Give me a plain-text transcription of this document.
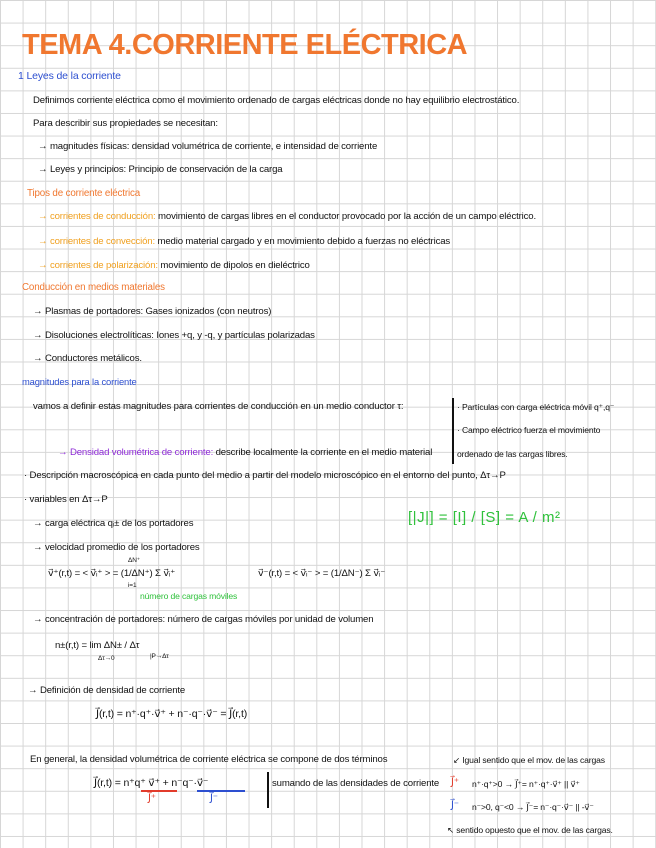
TEMA 4.CORRIENTE ELÉCTRICA
1 Leyes de la corriente
Definimos corriente eléctrica como el movimiento ordenado de cargas eléctricas donde no hay equilibrio electrostático.
Para describir sus propiedades se necesitan:
→ magnitudes físicas: densidad volumétrica de corriente, e intensidad de corriente
→ Leyes y principios: Principio de conservación de la carga
Tipos de corriente eléctrica
→ corrientes de conducción: movimiento de cargas libres en el conductor provocado por la acción de un campo eléctrico.
→ corrientes de convección: medio material cargado y en movimiento debido a fuerzas no eléctricas
→ corrientes de polarización: movimiento de dipolos en dieléctrico
Conducción en medios materiales
→ Plasmas de portadores: Gases ionizados (con neutros)
→ Disoluciones electrolíticas: Iones +q, y -q, y partículas polarizadas
→ Conductores metálicos.
magnitudes para la corriente
vamos a definir estas magnitudes para corrientes de conducción en un medio conductor τ:	· Partículas con carga eléctrica móvil q⁺,q⁻
· Campo eléctrico fuerza el movimiento
ordenado de las cargas libres.
→ Densidad volumétrica de corriente: describe localmente la corriente en el medio material
· Descripción macroscópica en cada punto del medio a partir del modelo microscópico en el entorno del punto, Δτ→P
· variables en Δτ→P
→ carga eléctrica qᵢ± de los portadores	[|J|] = [I] / [S] = A / m²
→ velocidad promedio de los portadores
v⃗⁺(r,t) = < v⃗ᵢ⁺ > = (1/ΔN⁺) Σ v⃗ᵢ⁺
ΔN⁺
i=1
v⃗⁻(r,t) = < v⃗ᵢ⁻ > = (1/ΔN⁻) Σ v⃗ᵢ⁻
número de cargas móviles
→ concentración de portadores: número de cargas móviles por unidad de volumen
n±(r,t) = lim ΔN± / Δτ
Δτ→0	|P→Δτ
→ Definición de densidad de corriente
J⃗(r,t) = n⁺·q⁺·v⃗⁺ + n⁻·q⁻·v⃗⁻ = J⃗(r,t)
En general, la densidad volumétrica de corriente eléctrica se compone de dos términos
J⃗(r,t) = n⁺q⁺ v⃗⁺ + n⁻q⁻·v⃗⁻
J⃗⁺	J⃗⁻
sumando de las densidades de corriente
↙ Igual sentido que el mov. de las cargas
J⃗⁺ n⁺·q⁺>0 → J⃗⁺= n⁺·q⁺·v⃗⁺ || v⃗⁺
J⃗⁻ n⁻>0, q⁻<0 → J⃗⁻= n⁻·q⁻·v⃗⁻ || -v⃗⁻
↖ sentido opuesto que el mov. de las cargas.
